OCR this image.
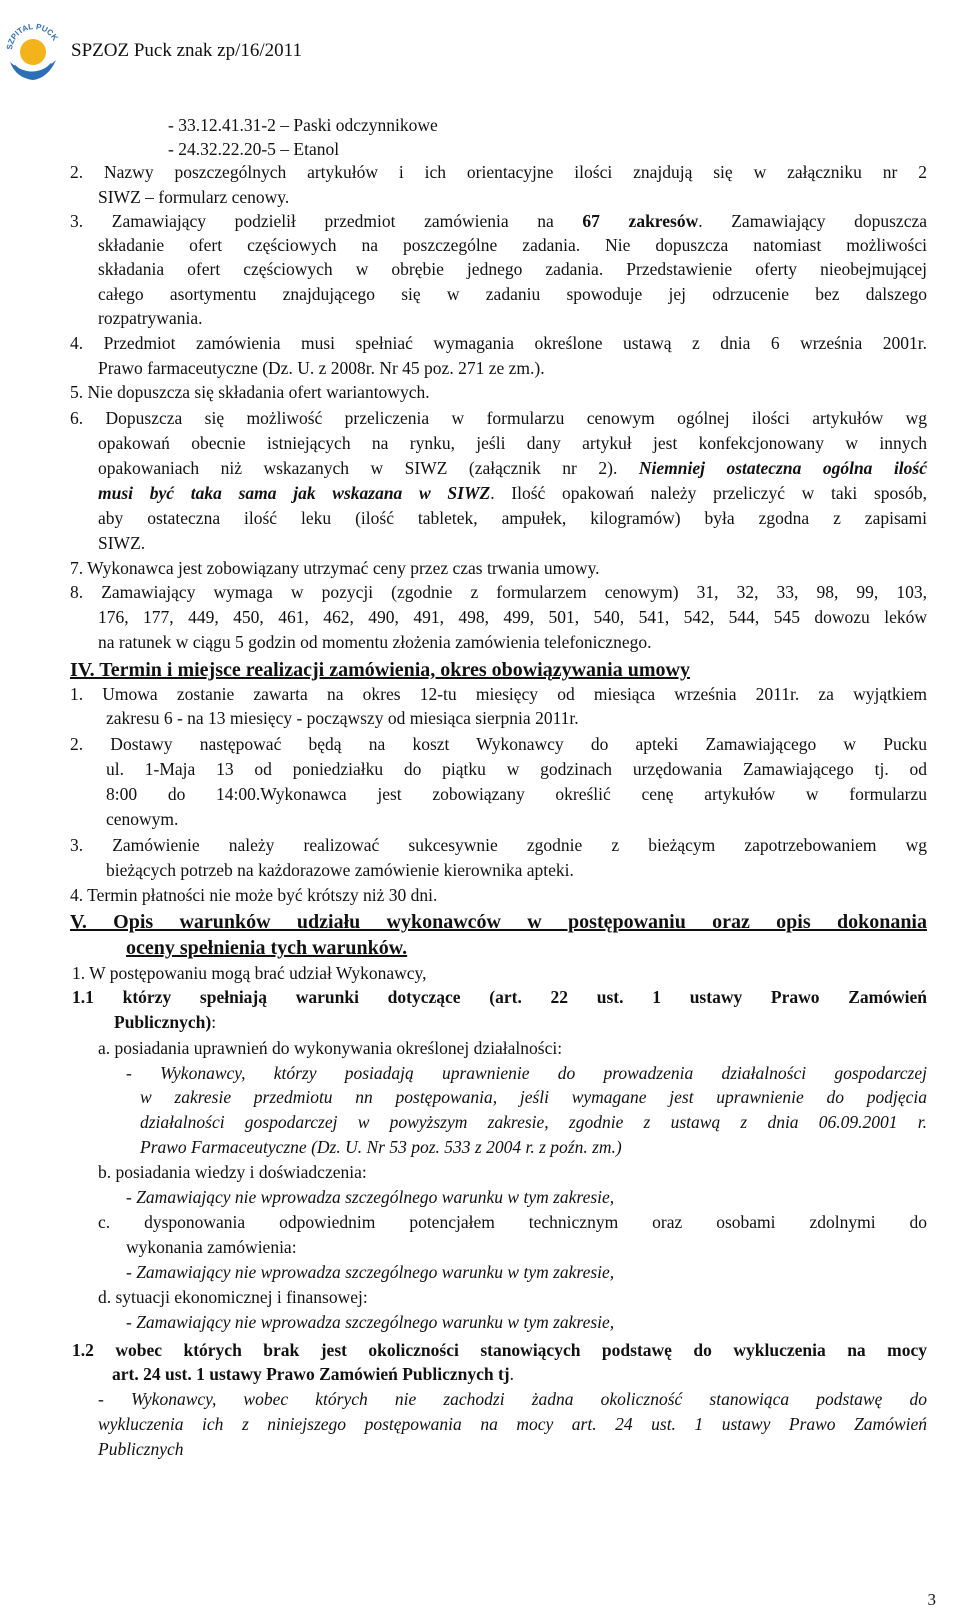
SZPITAL PUCK
SPZOZ Puck znak zp/16/2011
- 33.12.41.31-2 – Paski odczynnikowe
- 24.32.22.20-5 – Etanol
2. Nazwy poszczególnych artykułów i ich orientacyjne ilości znajdują się w załączniku nr 2
SIWZ – formularz cenowy.
3. Zamawiający podzielił przedmiot zamówienia na 67 zakresów. Zamawiający dopuszcza
składanie ofert częściowych na poszczególne zadania. Nie dopuszcza natomiast możliwości
składania ofert częściowych w obrębie jednego zadania. Przedstawienie oferty nieobejmującej
całego asortymentu znajdującego się w zadaniu spowoduje jej odrzucenie bez dalszego
rozpatrywania.
4. Przedmiot zamówienia musi spełniać wymagania określone ustawą z dnia 6 września 2001r.
Prawo farmaceutyczne (Dz. U. z 2008r. Nr 45 poz. 271 ze zm.).
5. Nie dopuszcza się składania ofert wariantowych.
6. Dopuszcza się możliwość przeliczenia w formularzu cenowym ogólnej ilości artykułów wg
opakowań obecnie istniejących na rynku, jeśli dany artykuł jest konfekcjonowany w innych
opakowaniach niż wskazanych w SIWZ (załącznik nr 2). Niemniej ostateczna ogólna ilość
musi być taka sama jak wskazana w SIWZ. Ilość opakowań należy przeliczyć w taki sposób,
aby ostateczna ilość leku (ilość tabletek, ampułek, kilogramów) była zgodna z zapisami
SIWZ.
7. Wykonawca jest zobowiązany utrzymać ceny przez czas trwania umowy.
8. Zamawiający wymaga w pozycji (zgodnie z formularzem cenowym) 31, 32, 33, 98, 99, 103,
176, 177, 449, 450, 461, 462, 490, 491, 498, 499, 501, 540, 541, 542, 544, 545 dowozu leków
na ratunek w ciągu 5 godzin od momentu złożenia zamówienia telefonicznego.
IV. Termin i miejsce realizacji zamówienia, okres obowiązywania umowy
1. Umowa zostanie zawarta na okres 12-tu miesięcy od miesiąca września 2011r. za wyjątkiem
zakresu 6 - na 13 miesięcy - począwszy od miesiąca sierpnia 2011r.
2. Dostawy następować będą na koszt Wykonawcy do apteki Zamawiającego w Pucku
ul. 1-Maja 13 od poniedziałku do piątku w godzinach urzędowania Zamawiającego tj. od
8:00 do 14:00.Wykonawca jest zobowiązany określić cenę artykułów w formularzu
cenowym.
3. Zamówienie należy realizować sukcesywnie zgodnie z bieżącym zapotrzebowaniem wg
bieżących potrzeb na każdorazowe zamówienie kierownika apteki.
4. Termin płatności nie może być krótszy niż 30 dni.
V. Opis warunków udziału wykonawców w postępowaniu oraz opis dokonania
oceny spełnienia tych warunków.
1. W postępowaniu mogą brać udział Wykonawcy,
1.1 którzy spełniają warunki dotyczące (art. 22 ust. 1 ustawy Prawo Zamówień
Publicznych):
a. posiadania uprawnień do wykonywania określonej działalności:
- Wykonawcy, którzy posiadają uprawnienie do prowadzenia działalności gospodarczej
w zakresie przedmiotu nn postępowania, jeśli wymagane jest uprawnienie do podjęcia
działalności gospodarczej w powyższym zakresie, zgodnie z ustawą z dnia 06.09.2001 r.
Prawo Farmaceutyczne (Dz. U. Nr 53 poz. 533 z 2004 r. z poźn. zm.)
b. posiadania wiedzy i doświadczenia:
- Zamawiający nie wprowadza szczególnego warunku w tym zakresie,
c. dysponowania odpowiednim potencjałem technicznym oraz osobami zdolnymi do
wykonania zamówienia:
- Zamawiający nie wprowadza szczególnego warunku w tym zakresie,
d. sytuacji ekonomicznej i finansowej:
- Zamawiający nie wprowadza szczególnego warunku w tym zakresie,
1.2 wobec których brak jest okoliczności stanowiących podstawę do wykluczenia na mocy
art. 24 ust. 1 ustawy Prawo Zamówień Publicznych tj.
- Wykonawcy, wobec których nie zachodzi żadna okoliczność stanowiąca podstawę do
wykluczenia ich z niniejszego postępowania na mocy art. 24 ust. 1 ustawy Prawo Zamówień
Publicznych
3
